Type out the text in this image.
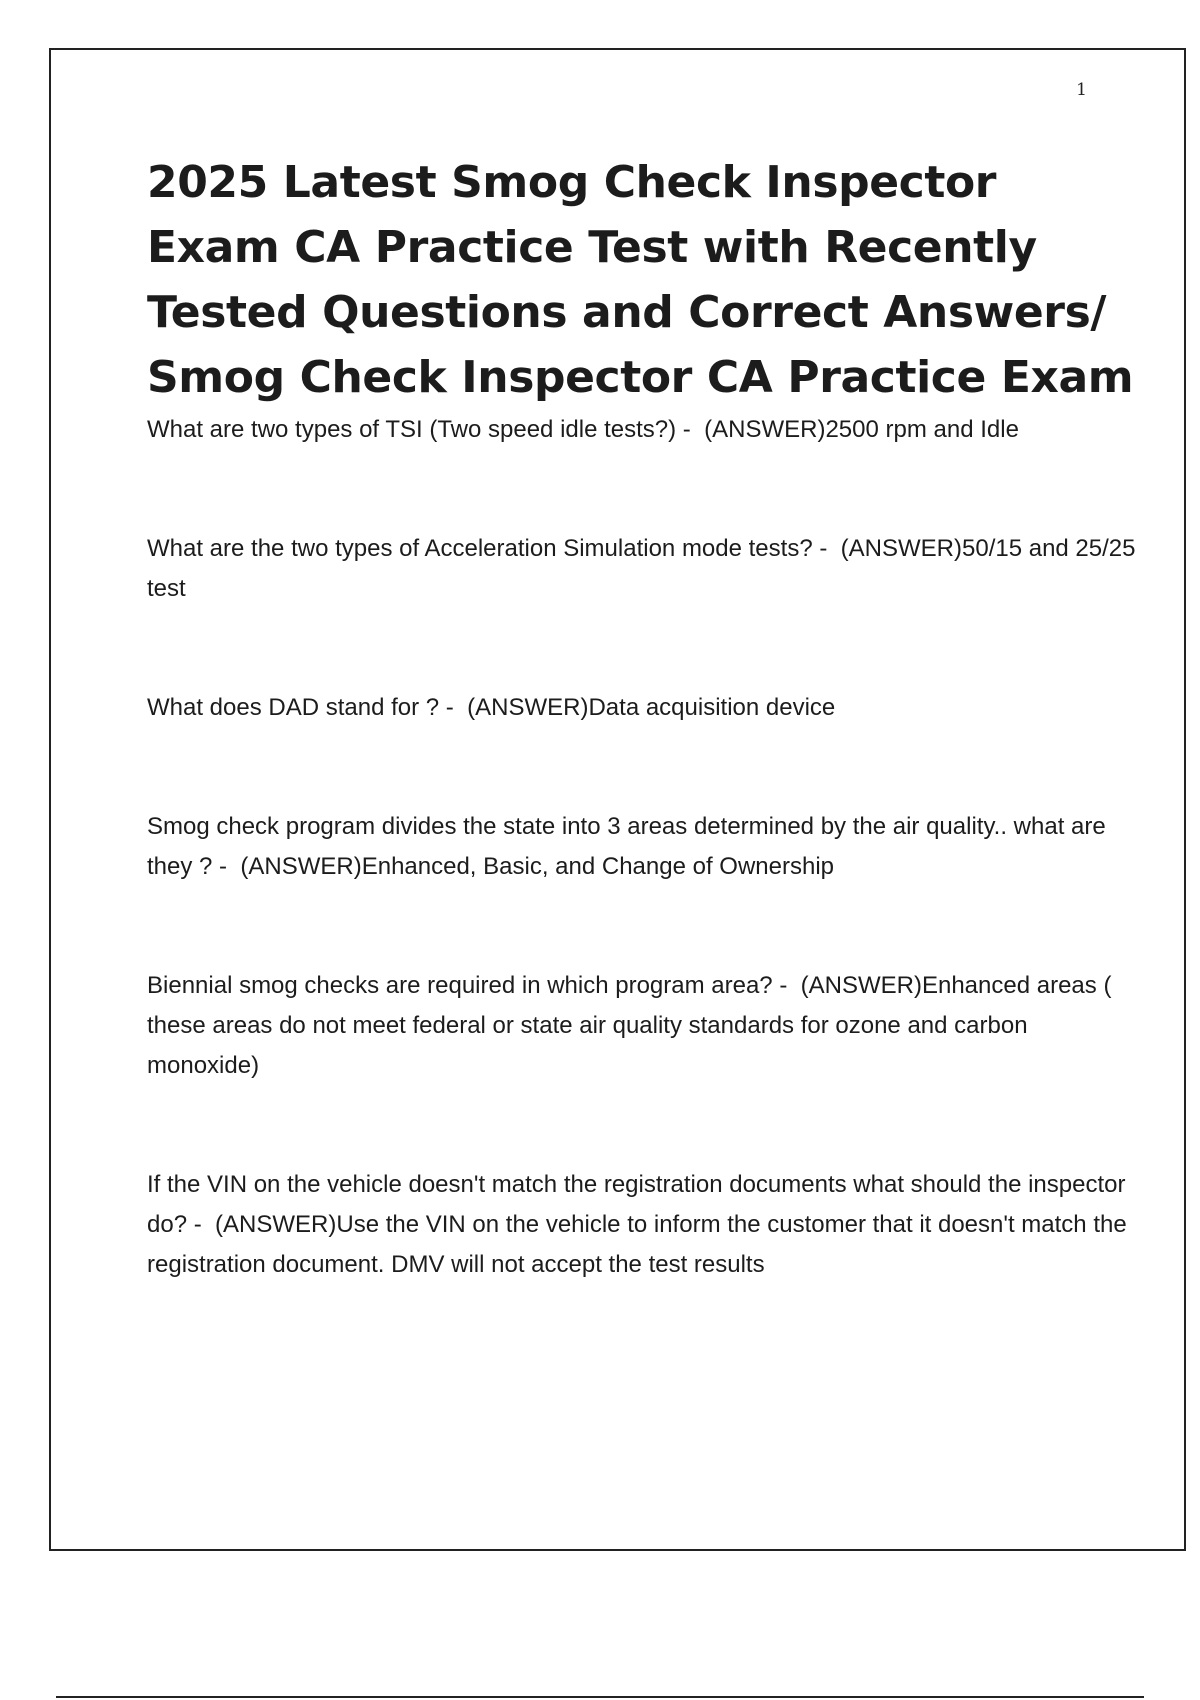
1
2025 Latest Smog Check Inspector Exam CA Practice Test with Recently Tested Questions and Correct Answers/ Smog Check Inspector CA Practice Exam
What are two types of TSI (Two speed idle tests?) -  (ANSWER)2500 rpm and Idle
What are the two types of Acceleration Simulation mode tests? -  (ANSWER)50/15 and 25/25 test
What does DAD stand for ? -  (ANSWER)Data acquisition device
Smog check program divides the state into 3 areas determined by the air quality.. what are they ? -  (ANSWER)Enhanced, Basic, and Change of Ownership
Biennial smog checks are required in which program area? -  (ANSWER)Enhanced areas ( these areas do not meet federal or state air quality standards for ozone and carbon monoxide)
If the VIN on the vehicle doesn't match the registration documents what should the inspector do? -  (ANSWER)Use the VIN on the vehicle to inform the customer that it doesn't match the registration document. DMV will not accept the test results
